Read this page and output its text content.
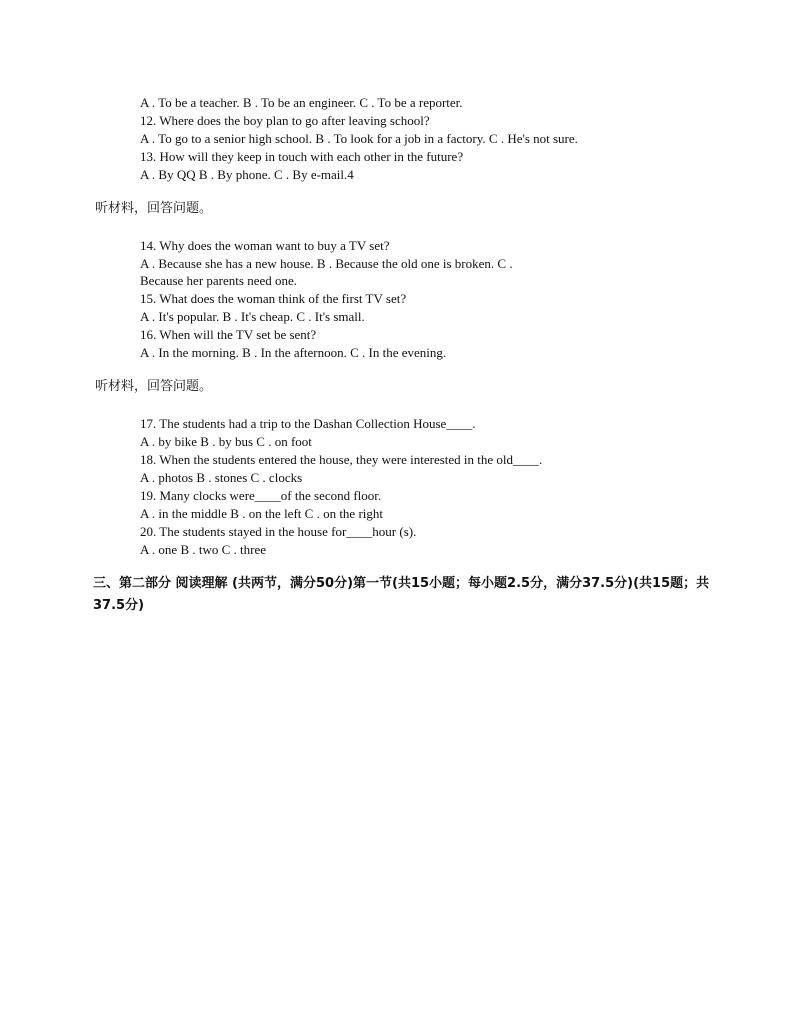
A . To be a teacher. B . To be an engineer. C . To be a reporter.
12. Where does the boy plan to go after leaving school?
A . To go to a senior high school. B . To look for a job in a factory. C . He's not sure.
13. How will they keep in touch with each other in the future?
A . By QQ B . By phone. C . By e-mail.4
听材料，回答问题。
14. Why does the woman want to buy a TV set?
A . Because she has a new house. B . Because the old one is broken. C .
Because her parents need one.
15. What does the woman think of the first TV set?
A . It's popular. B . It's cheap. C . It's small.
16. When will the TV set be sent?
A . In the morning. B . In the afternoon. C . In the evening.
听材料，回答问题。
17. The students had a trip to the Dashan Collection House____.
A . by bike B . by bus C . on foot
18. When the students entered the house, they were interested in the old____.
A . photos B . stones C . clocks
19. Many clocks were____of the second floor.
A . in the middle B . on the left C . on the right
20. The students stayed in the house for____hour (s).
A . one B . two C . three
三、第二部分 阅读理解 (共两节，满分50分)第一节(共15小题；每小题2.5分，满分37.5分)(共15题；共37.5分)
